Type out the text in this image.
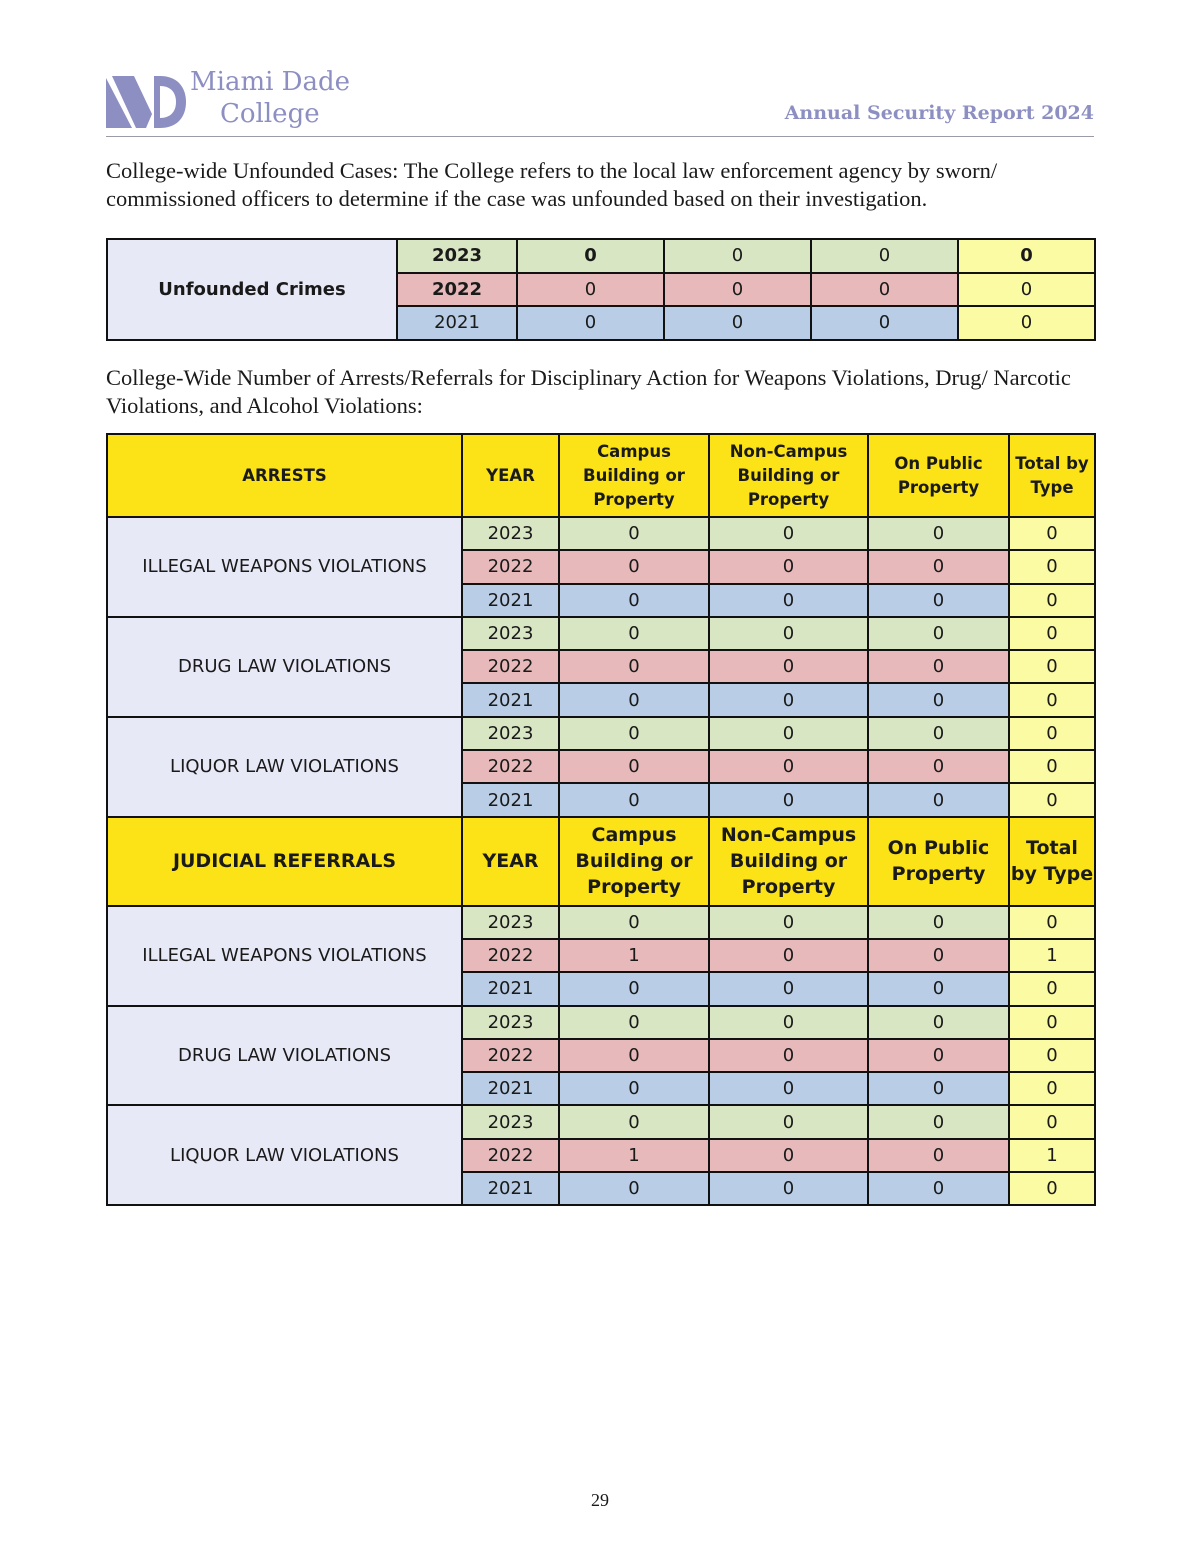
Miami Dade
College	Annual Security Report 2024
College-wide Unfounded Cases: The College refers to the local law enforcement agency by sworn/ commissioned officers to determine if the case was unfounded based on their investigation.
Unfounded Crimes	2023	0	0	0	0
	2022	0	0	0	0
	2021	0	0	0	0
College-Wide Number of Arrests/Referrals for Disciplinary Action for Weapons Violations, Drug/ Narcotic Violations, and Alcohol Violations:
ARRESTS	YEAR	Campus Building or Property	Non-Campus Building or Property	On Public Property	Total by Type
ILLEGAL WEAPONS VIOLATIONS	2023	0	0	0	0
	2022	0	0	0	0
	2021	0	0	0	0
DRUG LAW VIOLATIONS	2023	0	0	0	0
	2022	0	0	0	0
	2021	0	0	0	0
LIQUOR LAW VIOLATIONS	2023	0	0	0	0
	2022	0	0	0	0
	2021	0	0	0	0
JUDICIAL REFERRALS	YEAR	Campus Building or Property	Non-Campus Building or Property	On Public Property	Total by Type
ILLEGAL WEAPONS VIOLATIONS	2023	0	0	0	0
	2022	1	0	0	1
	2021	0	0	0	0
DRUG LAW VIOLATIONS	2023	0	0	0	0
	2022	0	0	0	0
	2021	0	0	0	0
LIQUOR LAW VIOLATIONS	2023	0	0	0	0
	2022	1	0	0	1
	2021	0	0	0	0
29
